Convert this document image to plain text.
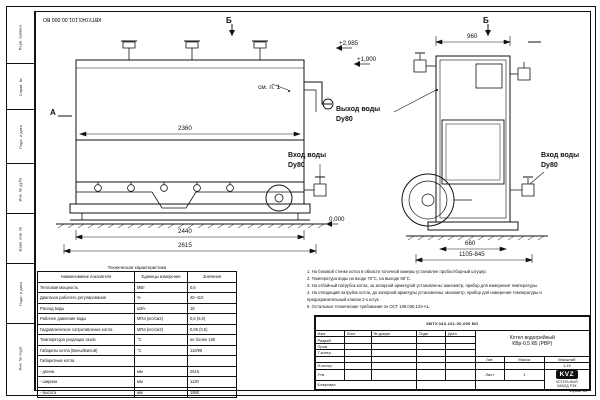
Перв. примен.
Справ. №
Подп. и дата
Инв. № дубл.
Взам. инв. №
Подп. и дата
Инв. № подл.
КВТУ.043.101.00.000 ВО	Б	Б
А
см. п. 1
+2,985
+1,900
0,000
2360
2440
2615
960
660
1105-845
Выход воды
Dу80
Вход воды
Dу80
Вход воды
Dу80
Техническая характеристика
Наименование показателя	Единицы измерения	Значения
Тепловая мощность	МВт	0,5
Диапазон рабочего регулирования	%	40–110
Расход воды	м3/ч	18
Рабочее давление воды	МПа (кгс/см2)	0,6 (6,0)
Гидравлическое сопротивление котла	МПа (кгс/см2)	0,06 (0,6)
Температура уходящих газов	°С	не более 180
Габариты котла (Внеш/Вилой)	°С	110/95
Габаритные котла		
- длина	мм	2615
- ширина	мм	1130
- высота	мм	1950
1. На боковой стенке котла в области топочной камеры установлен пробоотборный штуцер.
2. Температура воды на входе 70°С, на выходе 95°С.
3. На отбойный патрубок котла, за запорной арматурой установлены: манометр, прибор для измерения температуры.
4. На отводящий патрубок котла, до запорной арматуры установлены: манометр, прибор для измерения температуры и предохранительный клапан 2-х штук.
5. Остальные технические требования по ОСТ 108.030.133-AL.
КВТУ.043.101.00.000 ВО							
Изм.	Лист	№ докум.	Подп.	Дата	Котел водогрейный
КВр-0,5 КБ (РВР)		

Разраб.							
Пров.							
Т.контр.							
					Лит.	Масса	Масштаб
Н.контр.							1:15
Утв.					Лист	1	KVZ
КОТЕЛЬНЫЙ
ЗАВОД РЭК

Копировал							
Формат А3
